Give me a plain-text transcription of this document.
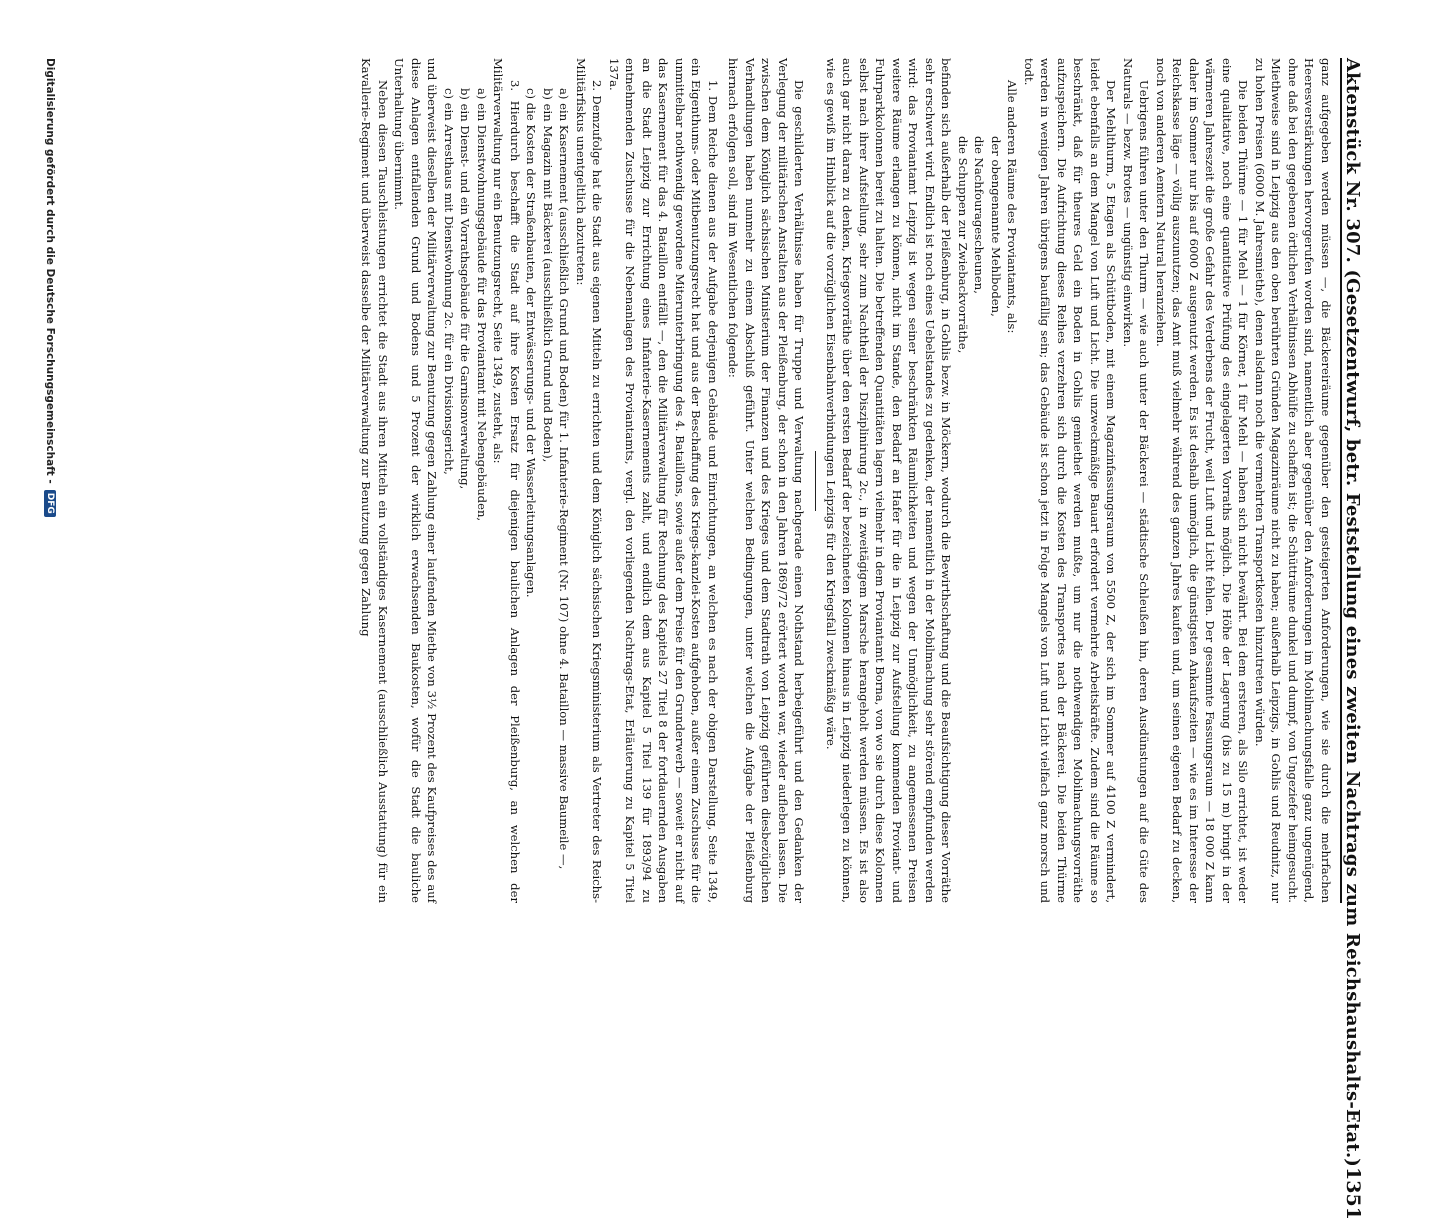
Aktenstück Nr. 307. (Gesetzentwurf, betr. Feststellung eines zweiten Nachtrags zum Reichshaushalts-Etat.)
1351

ganz aufgegeben werden müssen —, die Bäckereiräume gegenüber den gesteigerten Anforderungen, wie sie durch die mehrfachen Heeresverstärkungen hervorgerufen worden sind, namentlich aber gegenüber den Anforderungen im Mobilmachungsfalle ganz ungenügend, ohne daß bei den gegebenen örtlichen Verhältnissen Abhülfe zu schaffen ist; die Schütträume dunkel und dumpf, von Ungeziefer heimgesucht. Miethweise sind in Leipzig aus den oben berührten Gründen Magazinräume nicht zu haben; außerhalb Leipzigs, in Gohlis und Reudnitz, nur zu hohen Preisen (6000 M. Jahresmiethe), denen alsdann noch die vermehrten Transportkosten hinzutreten würden.

Die beiden Thürme — 1 für Mehl — 1 für Körner, 1 für Mehl — haben sich nicht bewährt. Bei dem ersteren, als Silo errichtet, ist weder eine qualitative, noch eine quantitative Prüfung des eingelagerten Vorraths möglich. Die Höhe der Lagerung (bis zu 15 m) bringt in der wärmeren Jahreszeit die große Gefahr des Verderbens der Frucht, weil Luft und Licht fehlen. Der gesammte Fassungsraum — 18 000 Z kann daher im Sommer nur bis auf 6000 Z ausgenutzt werden. Es ist deshalb unmöglich, die günstigsten Ankaufszeiten — wie es im Interesse der Reichskasse läge — völlig auszunutzen; das Amt muß vielmehr während des ganzen Jahres kaufen und, um seinen eigenen Bedarf zu decken, noch von anderen Aemtern Natural heranziehen.

Uebrigens führen unter den Thurm — wie auch unter der Bäckerei — städtische Schleußen hin, deren Ausdünstungen auf die Güte des Naturals — bezw. Brotes — ungünstig einwirken.

Der Mehlthurm, 5 Etagen als Schüttboden, mit einem Magazinfassungsraum von 5500 Z, der sich im Sommer auf 4100 Z vermindert, leidet ebenfalls an dem Mangel von Luft und Licht. Die unzweckmäßige Bauart erfordert vermehrte Arbeitskräfte. Zudem sind die Räume so beschränkt, daß für theures Geld ein Boden in Gohlis gemiethet werden mußte, um nur die nothwendigen Mobilmachungsvorräthe aufzuspeichern. Die Aufrichtung dieses Reihes verzehren sich durch die Kosten des Transportes nach der Bäckerei. Die beiden Thürme werden in wenigen Jahren übrigens baufällig sein; das Gebäude ist schon jetzt in Folge Mangels von Luft und Licht vielfach ganz morsch und todt.

Alle anderen Räume des Proviantamts, als:

der obengenannte Mehlboden,
die Nachfouragescheunen,
die Schuppen zur Zwiebackvorräthe,

befinden sich außerhalb der Pleißenburg, in Gohlis bezw. in Möckern, wodurch die Bewirthschaftung und die Beaufsichtigung dieser Vorräthe sehr erschwert wird. Endlich ist noch eines Uebelstandes zu gedenken, der namentlich in der Mobilmachung sehr störend empfunden werden wird: das Proviantamt Leipzig ist wegen seiner beschränkten Räumlichkeiten und wegen der Unmöglichkeit, zu angemessenen Preisen weitere Räume erlangen zu können, nicht im Stande, den Bedarf an Hafer für die in Leipzig zur Aufstellung kommenden Proviant- und Fuhrparkkolonnen bereit zu halten. Die betreffenden Quantitäten lagern vielmehr in dem Proviantamt Borna, von wo sie durch diese Kolonnen selbst nach ihrer Aufstellung, sehr zum Nachtheil der Disziplinirung 2c., in zweitägigem Marsche herangeholt werden müssen. Es ist also auch gar nicht daran zu denken, Kriegsvorräthe über den ersten Bedarf der bezeichneten Kolonnen hinaus in Leipzig niederlegen zu können, wie es gewiß im Hinblick auf die vorzüglichen Eisenbahnverbindungen Leipzigs für den Kriegsfall zweckmäßig wäre.

Die geschilderten Verhältnisse haben für Truppe und Verwaltung nachgerade einen Nothstand herbeigeführt und den Gedanken der Verlegung der militärischen Anstalten aus der Pleißenburg, der schon in den Jahren 1869/72 erörtert worden war, wieder aufleben lassen. Die zwischen dem Königlich sächsischen Ministerium der Finanzen und des Krieges und dem Stadtrath von Leipzig geführten diesbezüglichen Verhandlungen haben nunmehr zu einem Abschluß geführt. Unter welchen Bedingungen, unter welchen die Aufgabe der Pleißenburg hiernach erfolgen soll, sind im Wesentlichen folgende:

1. Dem Reiche dienen aus der Aufgabe derjenigen Gebäude und Einrichtungen, an welchen es nach der obigen Darstellung, Seite 1349, ein Eigenthums- oder Mitbenutzungsrecht hat und aus der Beschaffung des Kriegs-kanzlei-Kosten aufgehoben, außer einem Zuschusse für die unmittelbar nothwendig gewordene Miterunterbringung des 4. Bataillons, sowie außer dem Preise für den Grunderwerb — soweit er nicht auf das Kasernement für das 4. Bataillon entfällt —, den die Militärverwaltung für Rechnung des Kapitels 27 Titel 8 der fortdauernden Ausgaben an die Stadt Leipzig zur Errichtung eines Infanterie-Kasernements zahlt, und endlich dem aus Kapitel 5 Titel 139 für 1893/94 zu entnehmenden Zuschusse für die Nebenanlagen des Proviantamts, vergl. den vorliegenden Nachtrags-Etat, Erläuterung zu Kapitel 5 Titel 137a.

2. Demzufolge hat die Stadt aus eigenen Mitteln zu errichten und dem Königlich sächsischen Kriegsministerium als Vertreter des Reichs-Militärfiskus unentgeltlich abzutreten:

a) ein Kasernement (ausschließlich Grund und Boden) für 1. Infanterie-Regiment (Nr. 107) ohne 4. Bataillon — massive Baumeile —,
b) ein Magazin mit Bäckerei (ausschließlich Grund und Boden),
c) die Kosten der Straßenbauten, der Entwässerungs- und der Wasserleitungsanlagen.

3. Hierdurch beschafft die Stadt auf ihre Kosten Ersatz für diejenigen baulichen Anlagen der Pleißenburg, an welchen der Militärverwaltung nur ein Benutzungsrecht, Seite 1349, zusteht, als:

a) ein Dienstwohnungsgebäude für das Proviantamt mit Nebengebäuden,
b) ein Dienst- und ein Vorrathsgebäude für die Garnisonverwaltung,
c) ein Arresthaus mit Dienstwohnung 2c. für ein Divisionsgericht,

und überweist dieselben der Militärverwaltung zur Benutzung gegen Zahlung einer laufenden Miethe von 3½ Prozent des Kaufpreises des auf diese Anlagen entfallenden Grund und Bodens und 5 Prozent der wirklich erwachsenden Baukosten, wofür die Stadt die bauliche Unterhaltung übernimmt.

Neben diesen Tauschleistungen errichtet die Stadt aus ihren Mitteln ein vollständiges Kasernement (ausschließlich Ausstattung) für ein Kavallerie-Regiment und überweist dasselbe der Militärverwaltung zur Benutzung gegen Zahlung

Digitalisierung gefördert durch die Deutsche Forschungsgemeinschaft -
DFG
